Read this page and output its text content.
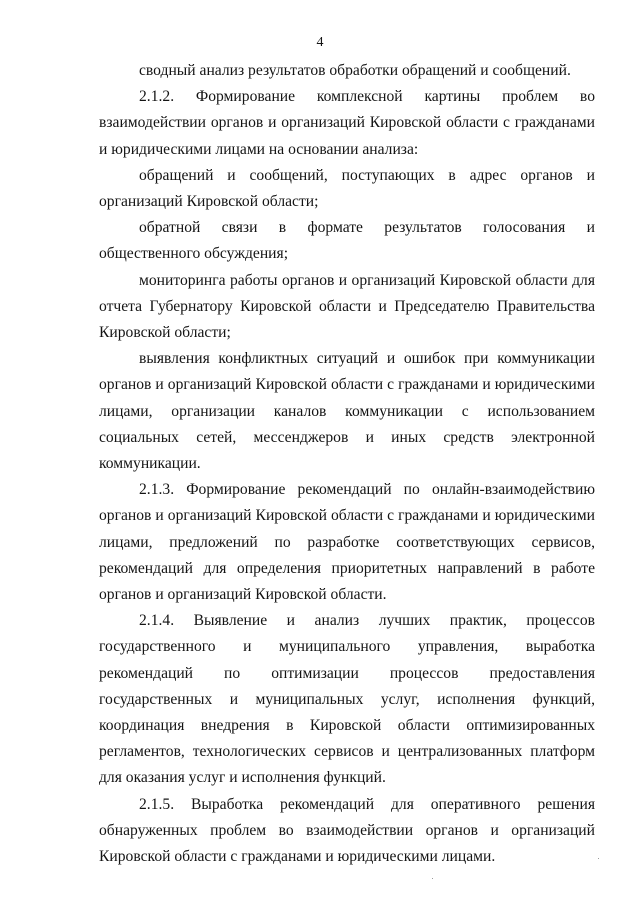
4

сводный анализ результатов обработки обращений и сообщений.

2.1.2. Формирование комплексной картины проблем во взаимодействии органов и организаций Кировской области с гражданами и юридическими лицами на основании анализа:

обращений и сообщений, поступающих в адрес органов и организаций Кировской области;

обратной связи в формате результатов голосования и общественного обсуждения;

мониторинга работы органов и организаций Кировской области для отчета Губернатору Кировской области и Председателю Правительства Кировской области;

выявления конфликтных ситуаций и ошибок при коммуникации органов и организаций Кировской области с гражданами и юридическими лицами, организации каналов коммуникации с использованием социальных сетей, мессенджеров и иных средств электронной коммуникации.

2.1.3. Формирование рекомендаций по онлайн-взаимодействию органов и организаций Кировской области с гражданами и юридическими лицами, предложений по разработке соответствующих сервисов, рекомендаций для определения приоритетных направлений в работе органов и организаций Кировской области.

2.1.4. Выявление и анализ лучших практик, процессов государственного и муниципального управления, выработка рекомендаций по оптимизации процессов предоставления государственных и муниципальных услуг, исполнения функций, координация внедрения в Кировской области оптимизированных регламентов, технологических сервисов и централизованных платформ для оказания услуг и исполнения функций.

2.1.5. Выработка рекомендаций для оперативного решения обнаруженных проблем во взаимодействии органов и организаций Кировской области с гражданами и юридическими лицами.
